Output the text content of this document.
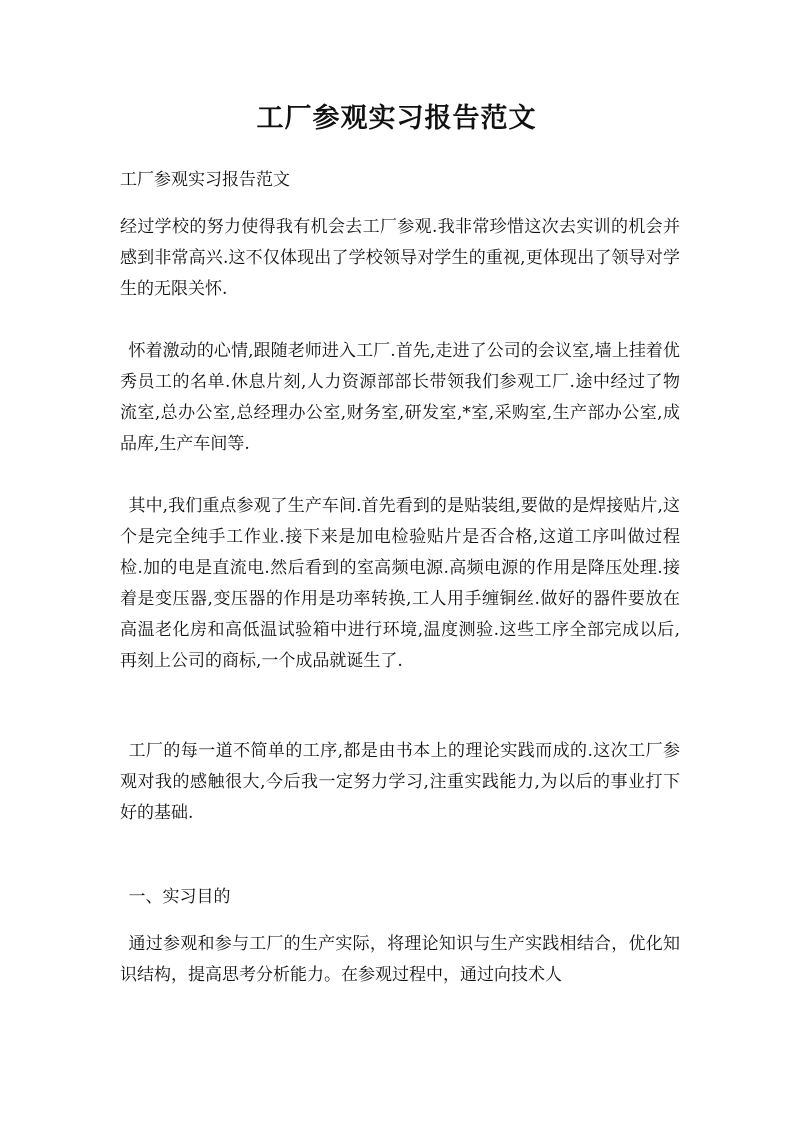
工厂参观实习报告范文

工厂参观实习报告范文

经过学校的努力使得我有机会去工厂参观.我非常珍惜这次去实训的机会并感到非常高兴.这不仅体现出了学校领导对学生的重视,更体现出了领导对学生的无限关怀.

怀着激动的心情,跟随老师进入工厂.首先,走进了公司的会议室,墙上挂着优秀员工的名单.休息片刻,人力资源部部长带领我们参观工厂.途中经过了物流室,总办公室,总经理办公室,财务室,研发室,*室,采购室,生产部办公室,成品库,生产车间等.

其中,我们重点参观了生产车间.首先看到的是贴装组,要做的是焊接贴片,这个是完全纯手工作业.接下来是加电检验贴片是否合格,这道工序叫做过程检.加的电是直流电.然后看到的室高频电源.高频电源的作用是降压处理.接着是变压器,变压器的作用是功率转换,工人用手缠铜丝.做好的器件要放在高温老化房和高低温试验箱中进行环境,温度测验.这些工序全部完成以后,再刻上公司的商标,一个成品就诞生了.

工厂的每一道不简单的工序,都是由书本上的理论实践而成的.这次工厂参观对我的感触很大,今后我一定努力学习,注重实践能力,为以后的事业打下好的基础.

一、实习目的

通过参观和参与工厂的生产实际，将理论知识与生产实践相结合，优化知识结构，提高思考分析能力。在参观过程中，通过向技术人
